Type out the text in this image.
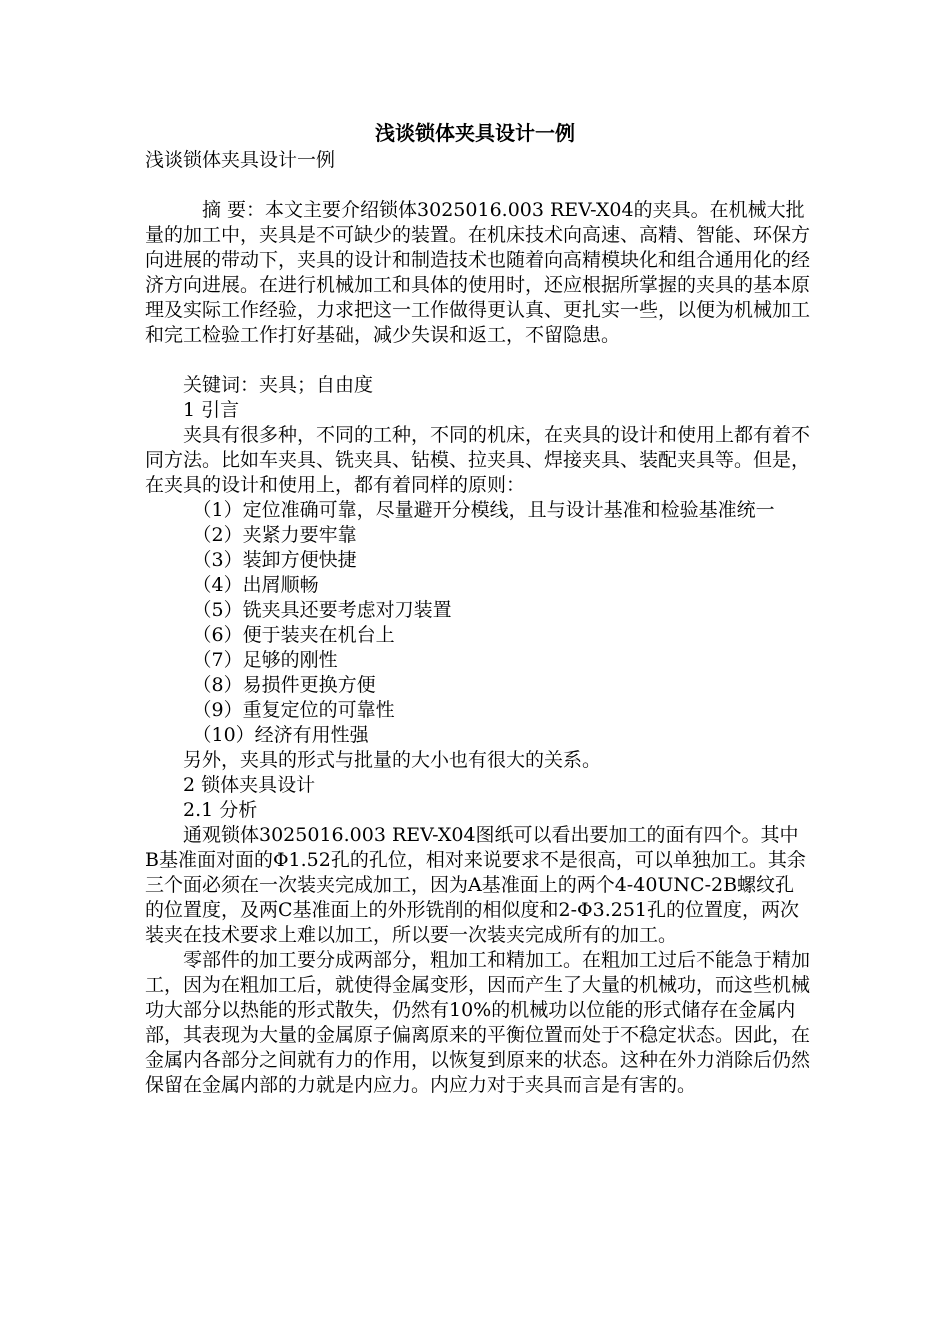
浅谈锁体夹具设计一例

浅谈锁体夹具设计一例

摘 要：本文主要介绍锁体3025016.003 REV-X04的夹具。在机械大批量的加工中，夹具是不可缺少的装置。在机床技术向高速、高精、智能、环保方向进展的带动下，夹具的设计和制造技术也随着向高精模块化和组合通用化的经济方向进展。在进行机械加工和具体的使用时，还应根据所掌握的夹具的基本原理及实际工作经验，力求把这一工作做得更认真、更扎实一些，以便为机械加工和完工检验工作打好基础，减少失误和返工，不留隐患。

关键词：夹具；自由度

1 引言

夹具有很多种，不同的工种，不同的机床，在夹具的设计和使用上都有着不同方法。比如车夹具、铣夹具、钻模、拉夹具、焊接夹具、装配夹具等。但是，在夹具的设计和使用上，都有着同样的原则：

（1）定位准确可靠，尽量避开分模线，且与设计基准和检验基准统一

（2）夹紧力要牢靠

（3）装卸方便快捷

（4）出屑顺畅

（5）铣夹具还要考虑对刀装置

（6）便于装夹在机台上

（7）足够的刚性

（8）易损件更换方便

（9）重复定位的可靠性

（10）经济有用性强

另外，夹具的形式与批量的大小也有很大的关系。

2 锁体夹具设计

2.1 分析

通观锁体3025016.003 REV-X04图纸可以看出要加工的面有四个。其中B基准面对面的Φ1.52孔的孔位，相对来说要求不是很高，可以单独加工。其余三个面必须在一次装夹完成加工，因为A基准面上的两个4-40UNC-2B螺纹孔的位置度，及两C基准面上的外形铣削的相似度和2-Φ3.251孔的位置度，两次装夹在技术要求上难以加工，所以要一次装夹完成所有的加工。

零部件的加工要分成两部分，粗加工和精加工。在粗加工过后不能急于精加工，因为在粗加工后，就使得金属变形，因而产生了大量的机械功，而这些机械功大部分以热能的形式散失，仍然有10%的机械功以位能的形式储存在金属内部，其表现为大量的金属原子偏离原来的平衡位置而处于不稳定状态。因此，在金属内各部分之间就有力的作用，以恢复到原来的状态。这种在外力消除后仍然保留在金属内部的力就是内应力。内应力对于夹具而言是有害的。
